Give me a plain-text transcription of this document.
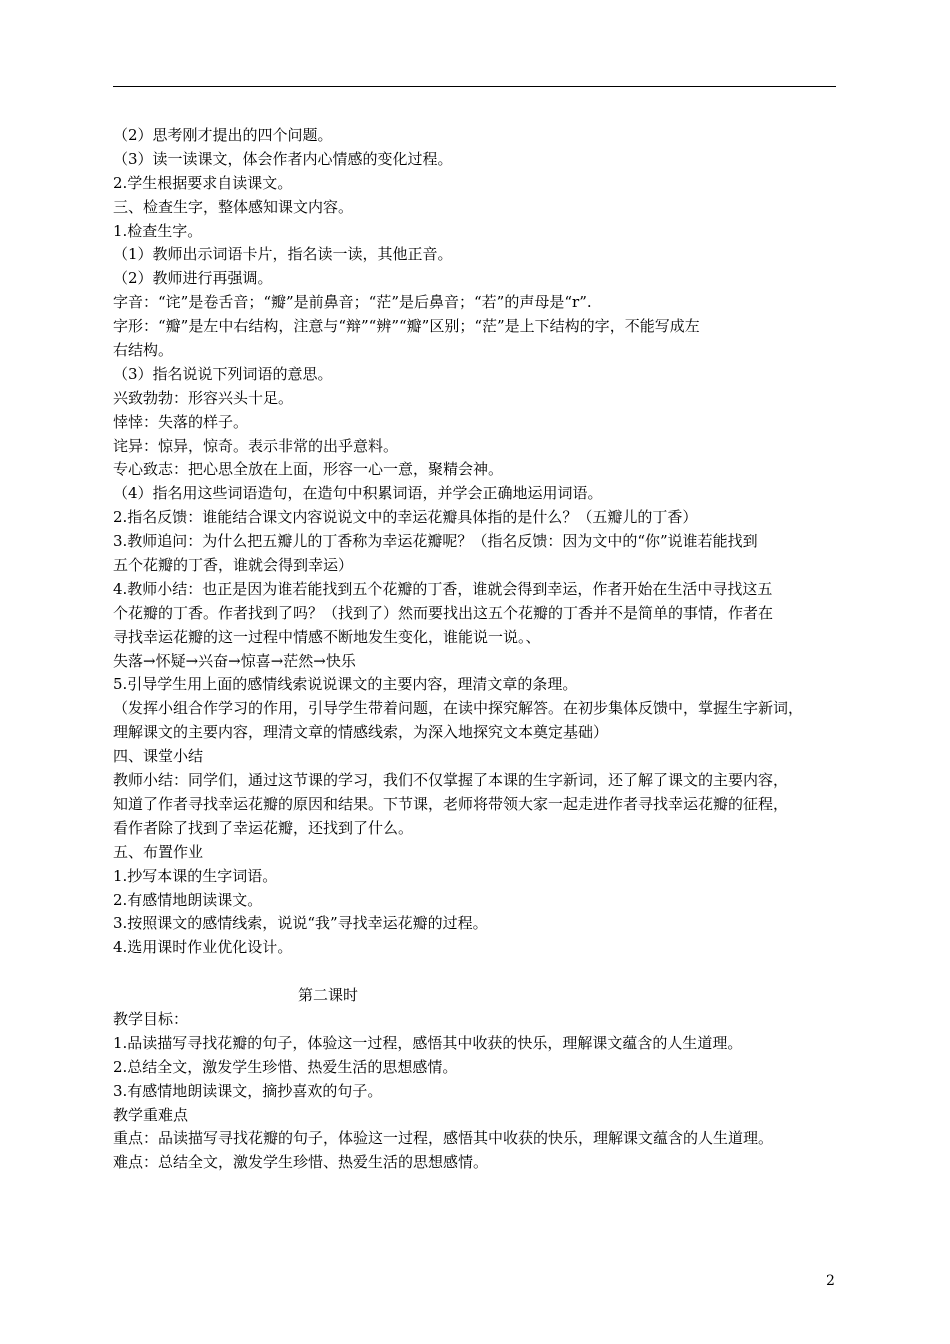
（2）思考刚才提出的四个问题。
（3）读一读课文，体会作者内心情感的变化过程。
2.学生根据要求自读课文。
三、检查生字，整体感知课文内容。
1.检查生字。
（1）教师出示词语卡片，指名读一读，其他正音。
（2）教师进行再强调。
字音：“诧”是卷舌音；“瓣”是前鼻音；“茫”是后鼻音；“若”的声母是“r”.
字形：“瓣”是左中右结构，注意与“辩”“辨”“瓣”区别；“茫”是上下结构的字，不能写成左
右结构。
（3）指名说说下列词语的意思。
兴致勃勃：形容兴头十足。
悻悻：失落的样子。
诧异：惊异，惊奇。表示非常的出乎意料。
专心致志：把心思全放在上面，形容一心一意，聚精会神。
（4）指名用这些词语造句，在造句中积累词语，并学会正确地运用词语。
2.指名反馈：谁能结合课文内容说说文中的幸运花瓣具体指的是什么？（五瓣儿的丁香）
3.教师追问：为什么把五瓣儿的丁香称为幸运花瓣呢？（指名反馈：因为文中的“你”说谁若能找到
五个花瓣的丁香，谁就会得到幸运）
4.教师小结：也正是因为谁若能找到五个花瓣的丁香，谁就会得到幸运，作者开始在生活中寻找这五
个花瓣的丁香。作者找到了吗？（找到了）然而要找出这五个花瓣的丁香并不是简单的事情，作者在
寻找幸运花瓣的这一过程中情感不断地发生变化，谁能说一说。、
失落→怀疑→兴奋→惊喜→茫然→快乐
5.引导学生用上面的感情线索说说课文的主要内容，理清文章的条理。
（发挥小组合作学习的作用，引导学生带着问题，在读中探究解答。在初步集体反馈中，掌握生字新词，
理解课文的主要内容，理清文章的情感线索，为深入地探究文本奠定基础）
四、课堂小结
教师小结：同学们，通过这节课的学习，我们不仅掌握了本课的生字新词，还了解了课文的主要内容，
知道了作者寻找幸运花瓣的原因和结果。下节课，老师将带领大家一起走进作者寻找幸运花瓣的征程，
看作者除了找到了幸运花瓣，还找到了什么。
五、布置作业
1.抄写本课的生字词语。
2.有感情地朗读课文。
3.按照课文的感情线索，说说“我”寻找幸运花瓣的过程。
4.选用课时作业优化设计。
第二课时
教学目标：
1.品读描写寻找花瓣的句子，体验这一过程，感悟其中收获的快乐，理解课文蕴含的人生道理。
2.总结全文，激发学生珍惜、热爱生活的思想感情。
3.有感情地朗读课文，摘抄喜欢的句子。
教学重难点
重点：品读描写寻找花瓣的句子，体验这一过程，感悟其中收获的快乐，理解课文蕴含的人生道理。
难点：总结全文，激发学生珍惜、热爱生活的思想感情。
2
